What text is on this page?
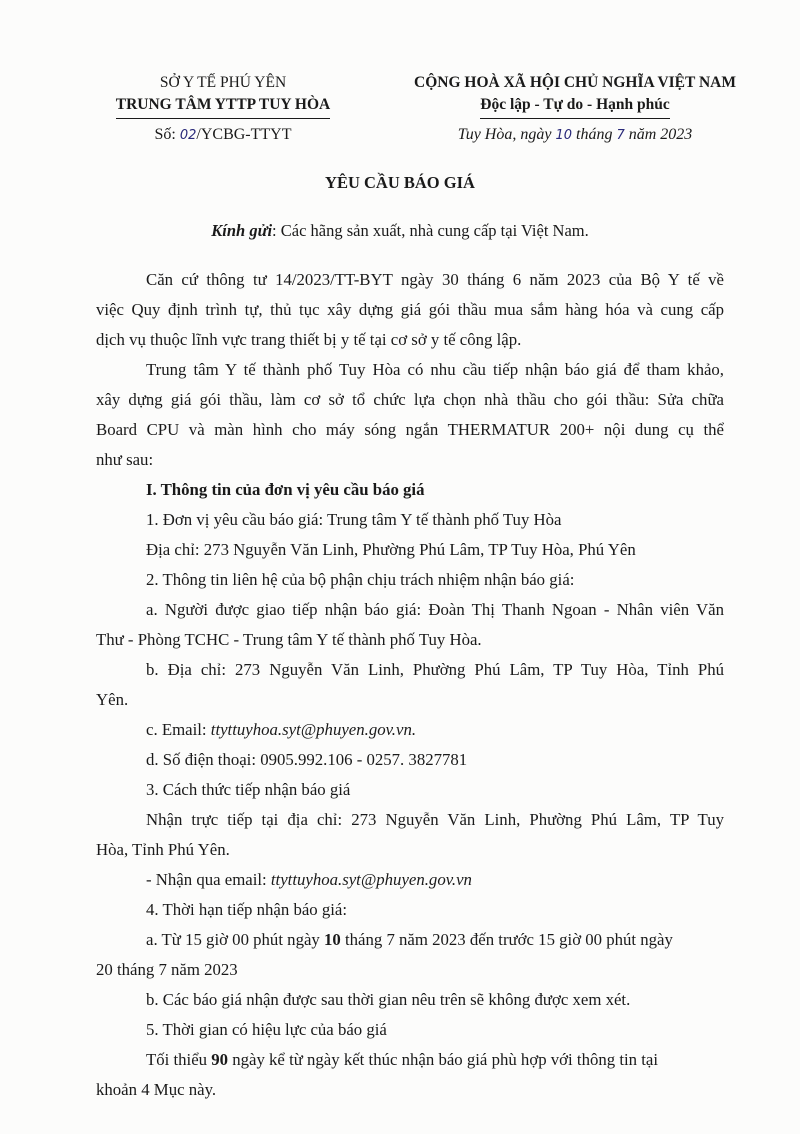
SỞ Y TẾ PHÚ YÊN
TRUNG TÂM YTTP TUY HÒA
CỘNG HOÀ XÃ HỘI CHỦ NGHĨA VIỆT NAM
Độc lập - Tự do - Hạnh phúc
Số: 02/YCBG-TTYT	Tuy Hòa, ngày 10 tháng 7 năm 2023
YÊU CẦU BÁO GIÁ
Kính gửi: Các hãng sản xuất, nhà cung cấp tại Việt Nam.
Căn cứ thông tư 14/2023/TT-BYT ngày 30 tháng 6 năm 2023 của Bộ Y tế về
việc Quy định trình tự, thủ tục xây dựng giá gói thầu mua sắm hàng hóa và cung cấp
dịch vụ thuộc lĩnh vực trang thiết bị y tế tại cơ sở y tế công lập.
Trung tâm Y tế thành phố Tuy Hòa có nhu cầu tiếp nhận báo giá để tham khảo,
xây dựng giá gói thầu, làm cơ sở tổ chức lựa chọn nhà thầu cho gói thầu: Sửa chữa
Board CPU và màn hình cho máy sóng ngắn THERMATUR 200+ nội dung cụ thể
như sau:
I. Thông tin của đơn vị yêu cầu báo giá
1. Đơn vị yêu cầu báo giá: Trung tâm Y tế thành phố Tuy Hòa
Địa chỉ: 273 Nguyễn Văn Linh, Phường Phú Lâm, TP Tuy Hòa, Phú Yên
2. Thông tin liên hệ của bộ phận chịu trách nhiệm nhận báo giá:
a. Người được giao tiếp nhận báo giá: Đoàn Thị Thanh Ngoan - Nhân viên Văn
Thư - Phòng TCHC - Trung tâm Y tế thành phố Tuy Hòa.
b. Địa chỉ: 273 Nguyễn Văn Linh, Phường Phú Lâm, TP Tuy Hòa, Tỉnh Phú
Yên.
c. Email: ttyttuyhoa.syt@phuyen.gov.vn.
d. Số điện thoại: 0905.992.106 - 0257. 3827781
3. Cách thức tiếp nhận báo giá
Nhận trực tiếp tại địa chỉ: 273 Nguyễn Văn Linh, Phường Phú Lâm, TP Tuy
Hòa, Tỉnh Phú Yên.
- Nhận qua email: ttyttuyhoa.syt@phuyen.gov.vn
4. Thời hạn tiếp nhận báo giá:
a. Từ 15 giờ 00 phút ngày 10 tháng 7 năm 2023 đến trước 15 giờ 00 phút ngày
20 tháng 7 năm 2023
b. Các báo giá nhận được sau thời gian nêu trên sẽ không được xem xét.
5. Thời gian có hiệu lực của báo giá
Tối thiểu 90 ngày kể từ ngày kết thúc nhận báo giá phù hợp với thông tin tại
khoản 4 Mục này.
